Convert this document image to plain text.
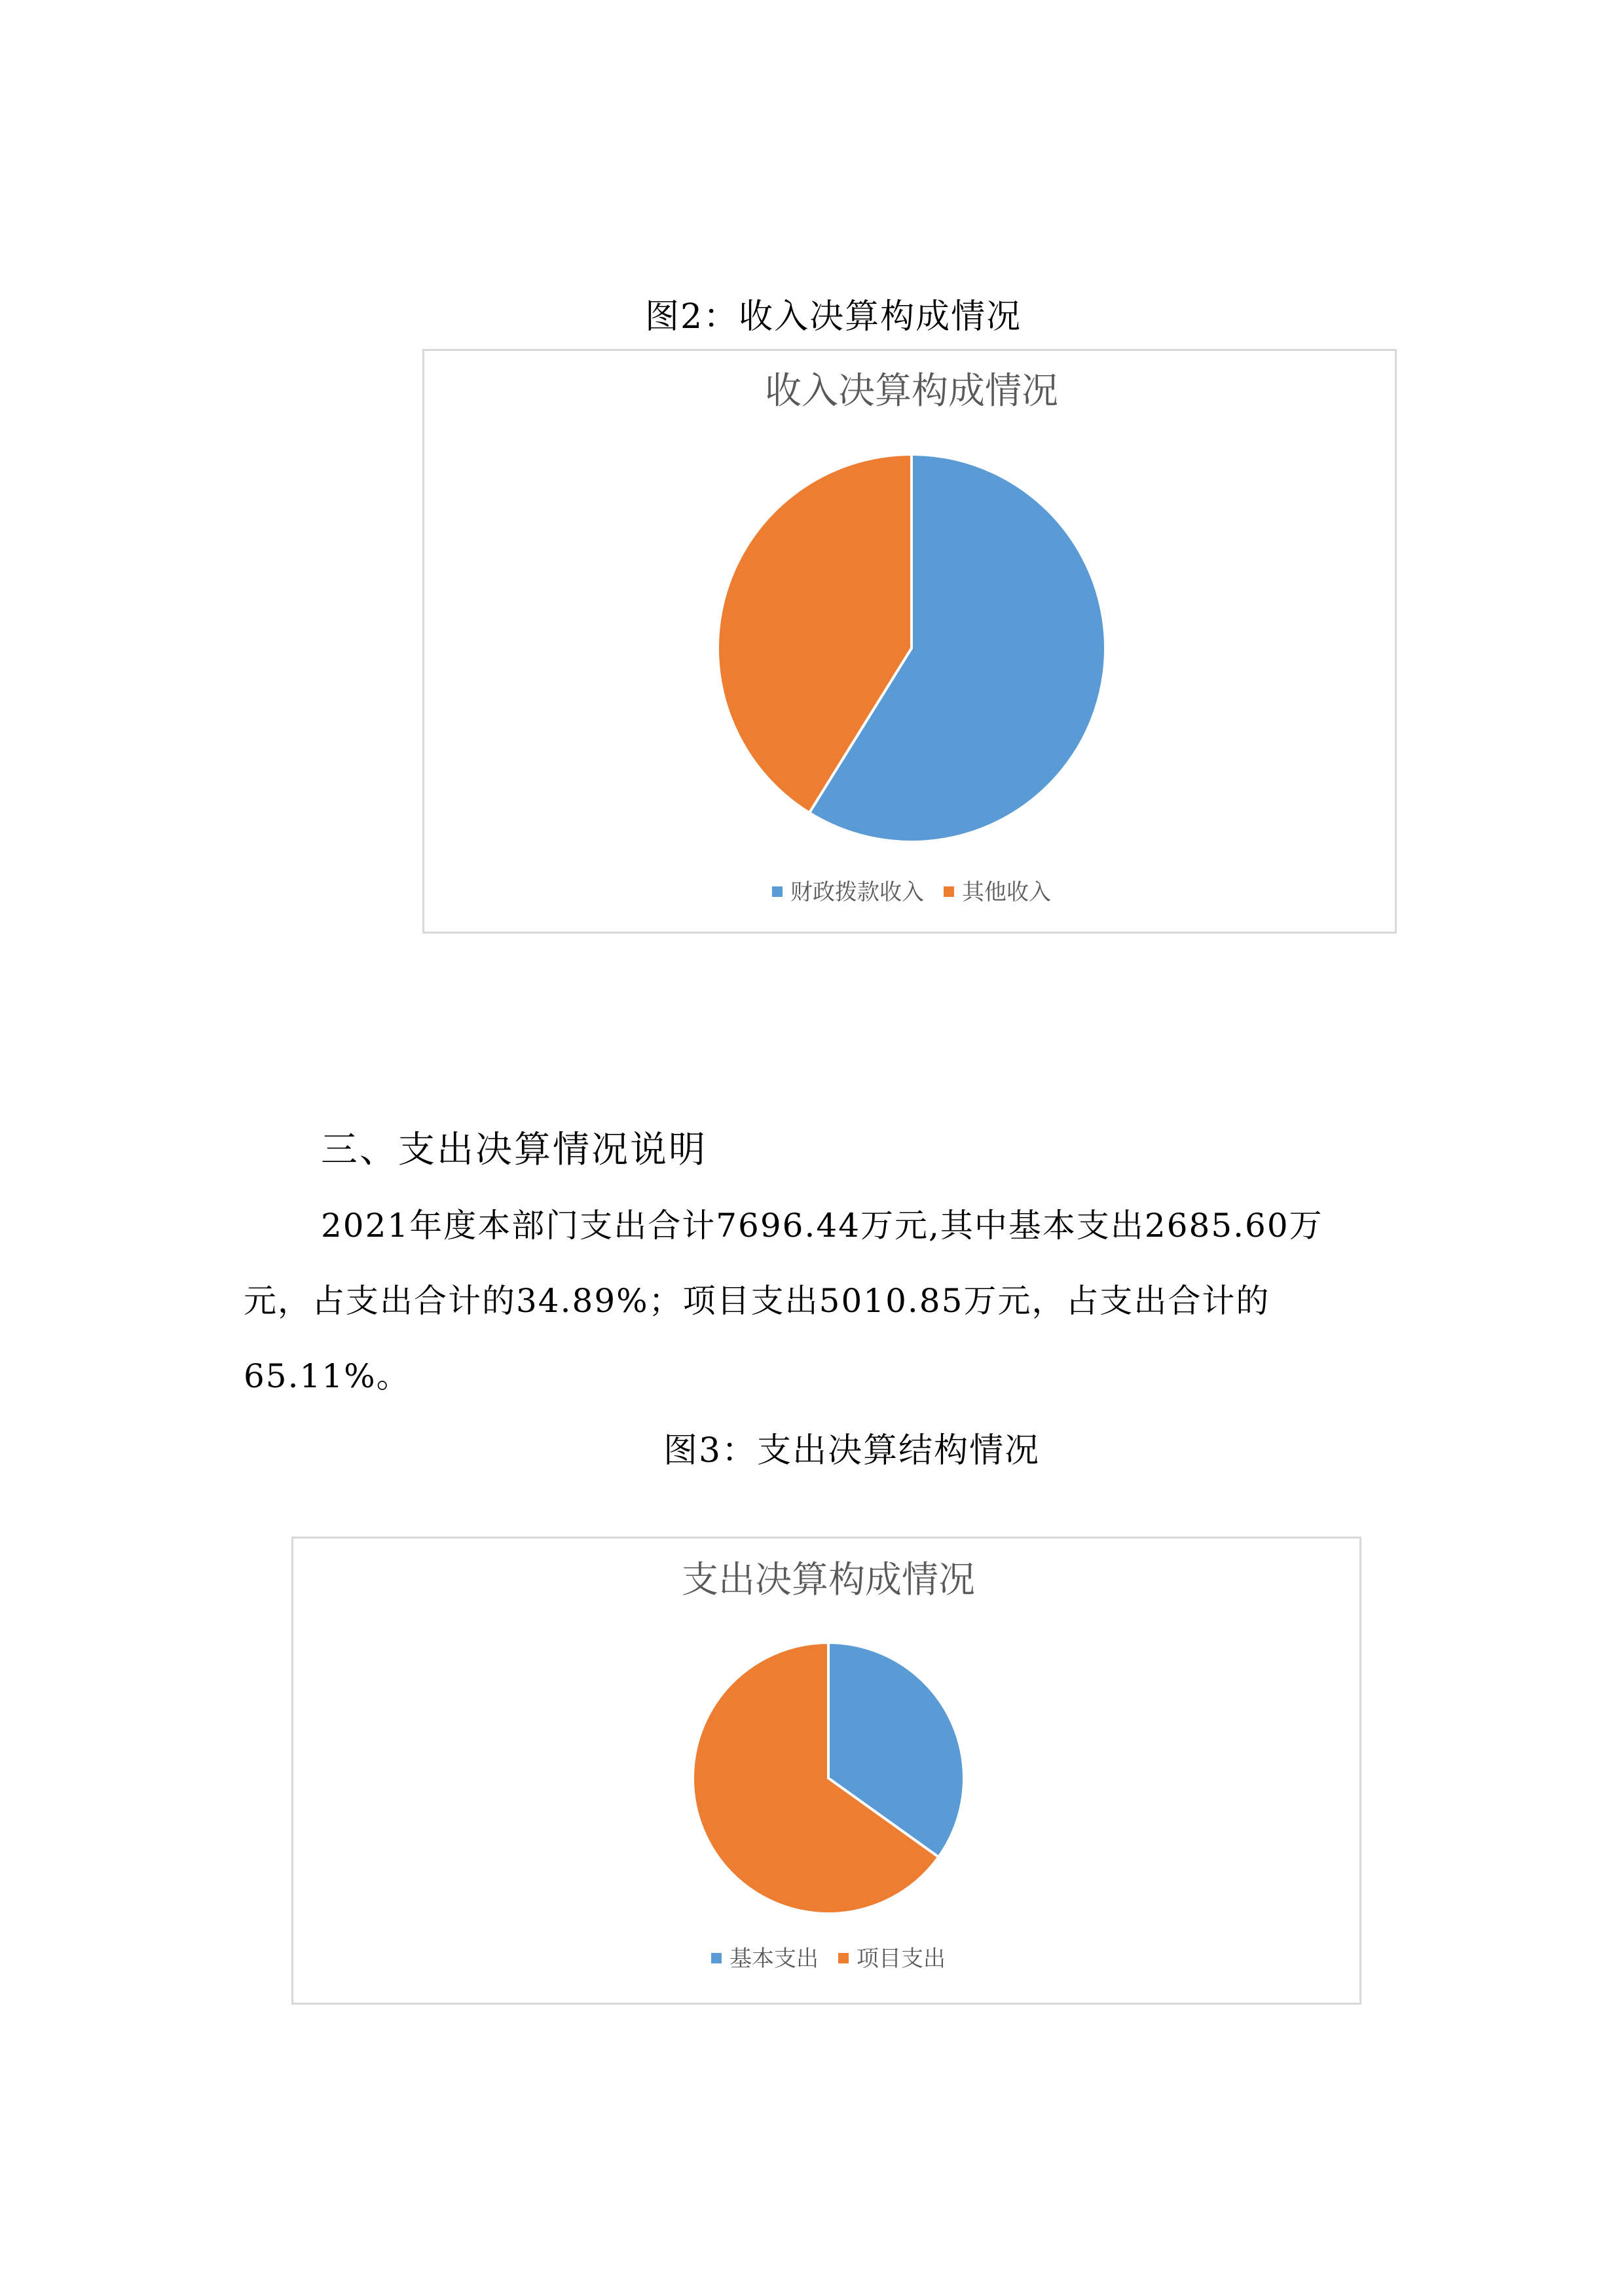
图2：收入决算构成情况
收入决算构成情况
财政拨款收入 其他收入
三、支出决算情况说明
2021年度本部门支出合计7696.44万元,其中基本支出2685.60万
元，占支出合计的34.89%；项目支出5010.85万元，占支出合计的
65.11%。
图3：支出决算结构情况
支出决算构成情况
基本支出 项目支出
